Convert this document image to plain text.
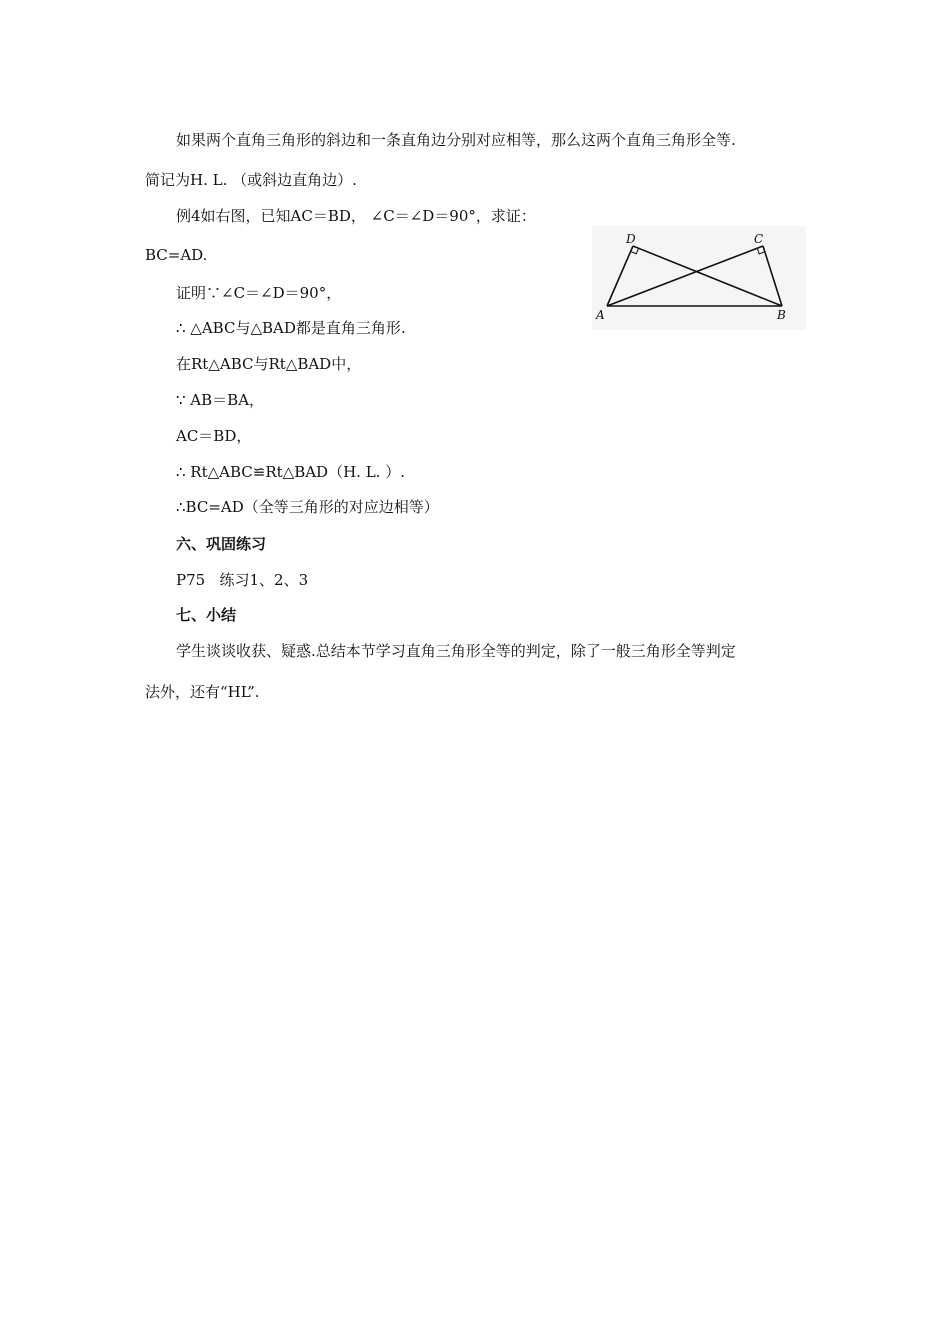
如果两个直角三角形的斜边和一条直角边分别对应相等，那么这两个直角三角形全等.
简记为H. L. （或斜边直角边）.
例4如右图，已知AC＝BD， ∠C＝∠D＝90°，求证：
BC=AD.
证明∵∠C＝∠D＝90°，
∴ △ABC与△BAD都是直角三角形.
在Rt△ABC与Rt△BAD中，
∵ AB＝BA，
AC＝BD，
∴ Rt△ABC≌Rt△BAD（H. L. ）.
∴BC=AD（全等三角形的对应边相等）
六、巩固练习
P75   练习1、2、3
七、小结
学生谈谈收获、疑惑.总结本节学习直角三角形全等的判定，除了一般三角形全等判定
法外，还有“HL”.
A	B
C
D
